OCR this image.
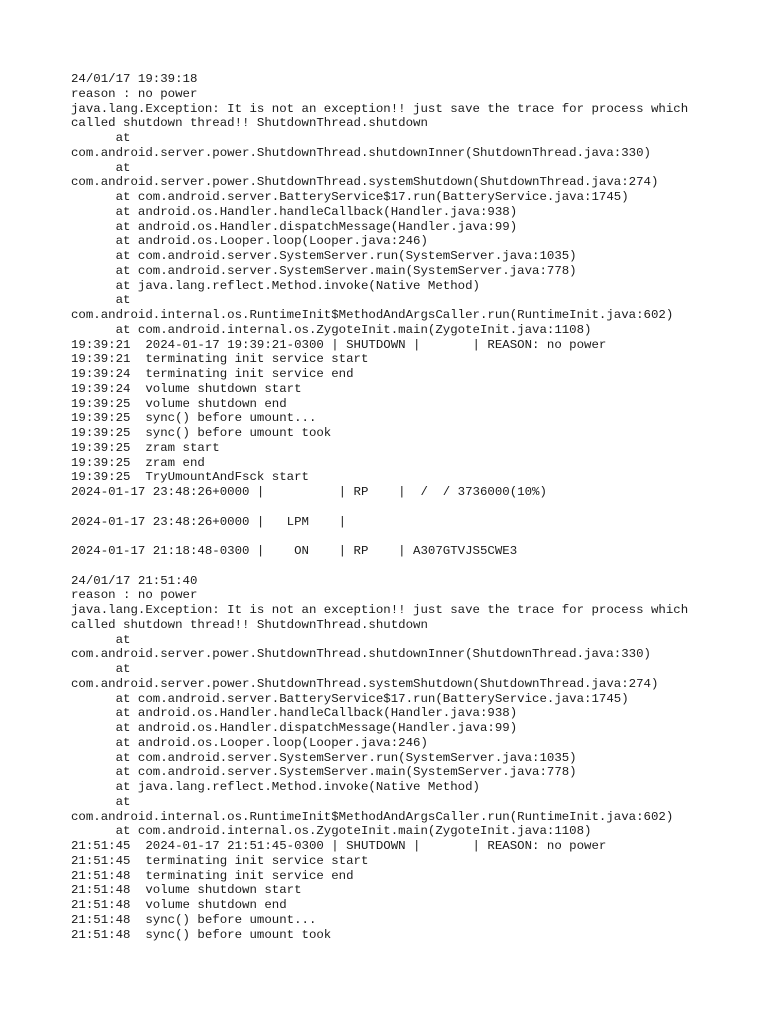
24/01/17 19:39:18
reason : no power
java.lang.Exception: It is not an exception!! just save the trace for process which
called shutdown thread!! ShutdownThread.shutdown
at
com.android.server.power.ShutdownThread.shutdownInner(ShutdownThread.java:330)
at
com.android.server.power.ShutdownThread.systemShutdown(ShutdownThread.java:274)
at com.android.server.BatteryService$17.run(BatteryService.java:1745)
at android.os.Handler.handleCallback(Handler.java:938)
at android.os.Handler.dispatchMessage(Handler.java:99)
at android.os.Looper.loop(Looper.java:246)
at com.android.server.SystemServer.run(SystemServer.java:1035)
at com.android.server.SystemServer.main(SystemServer.java:778)
at java.lang.reflect.Method.invoke(Native Method)
at
com.android.internal.os.RuntimeInit$MethodAndArgsCaller.run(RuntimeInit.java:602)
at com.android.internal.os.ZygoteInit.main(ZygoteInit.java:1108)
19:39:21  2024-01-17 19:39:21-0300 | SHUTDOWN |       | REASON: no power
19:39:21  terminating init service start
19:39:24  terminating init service end
19:39:24  volume shutdown start
19:39:25  volume shutdown end
19:39:25  sync() before umount...
19:39:25  sync() before umount took
19:39:25  zram start
19:39:25  zram end
19:39:25  TryUmountAndFsck start
2024-01-17 23:48:26+0000 |          | RP    |  /  / 3736000(10%)
2024-01-17 23:48:26+0000 |   LPM    |
2024-01-17 21:18:48-0300 |    ON    | RP    | A307GTVJS5CWE3
24/01/17 21:51:40
reason : no power
java.lang.Exception: It is not an exception!! just save the trace for process which
called shutdown thread!! ShutdownThread.shutdown
at
com.android.server.power.ShutdownThread.shutdownInner(ShutdownThread.java:330)
at
com.android.server.power.ShutdownThread.systemShutdown(ShutdownThread.java:274)
at com.android.server.BatteryService$17.run(BatteryService.java:1745)
at android.os.Handler.handleCallback(Handler.java:938)
at android.os.Handler.dispatchMessage(Handler.java:99)
at android.os.Looper.loop(Looper.java:246)
at com.android.server.SystemServer.run(SystemServer.java:1035)
at com.android.server.SystemServer.main(SystemServer.java:778)
at java.lang.reflect.Method.invoke(Native Method)
at
com.android.internal.os.RuntimeInit$MethodAndArgsCaller.run(RuntimeInit.java:602)
at com.android.internal.os.ZygoteInit.main(ZygoteInit.java:1108)
21:51:45  2024-01-17 21:51:45-0300 | SHUTDOWN |       | REASON: no power
21:51:45  terminating init service start
21:51:48  terminating init service end
21:51:48  volume shutdown start
21:51:48  volume shutdown end
21:51:48  sync() before umount...
21:51:48  sync() before umount took
